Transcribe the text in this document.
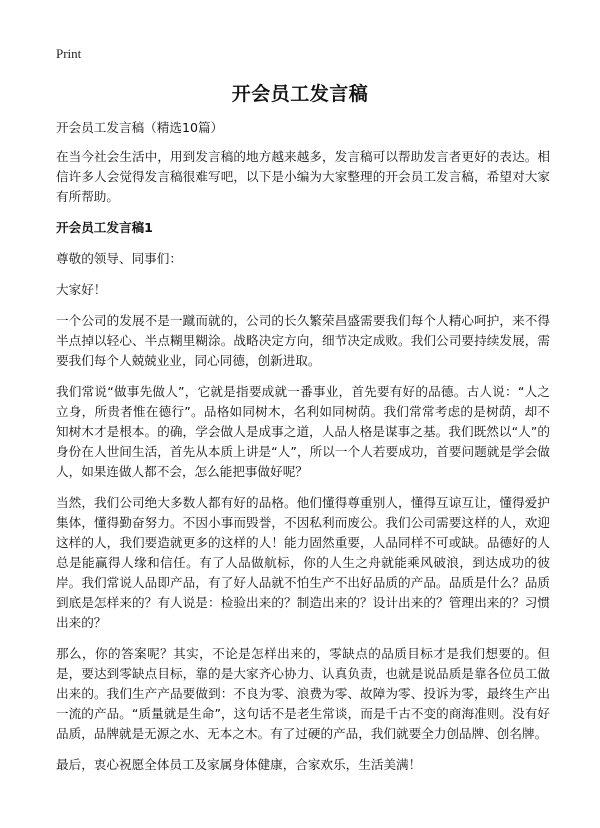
Print
开会员工发言稿

开会员工发言稿（精选10篇）

在当今社会生活中，用到发言稿的地方越来越多，发言稿可以帮助发言者更好的表达。相信许多人会觉得发言稿很难写吧，以下是小编为大家整理的开会员工发言稿，希望对大家有所帮助。

开会员工发言稿1

尊敬的领导、同事们：

大家好！

一个公司的发展不是一蹴而就的，公司的长久繁荣昌盛需要我们每个人精心呵护，来不得半点掉以轻心、半点糊里糊涂。战略决定方向，细节决定成败。我们公司要持续发展，需要我们每个人兢兢业业，同心同德，创新进取。

我们常说“做事先做人”，它就是指要成就一番事业，首先要有好的品德。古人说：“人之立身，所贵者惟在德行”。品格如同树木，名利如同树荫。我们常常考虑的是树荫，却不知树木才是根本。的确，学会做人是成事之道，人品人格是谋事之基。我们既然以“人”的身份在人世间生活，首先从本质上讲是“人”，所以一个人若要成功，首要问题就是学会做人，如果连做人都不会，怎么能把事做好呢？

当然，我们公司绝大多数人都有好的品格。他们懂得尊重别人，懂得互谅互让，懂得爱护集体，懂得勤奋努力。不因小事而毁誉，不因私利而废公。我们公司需要这样的人，欢迎这样的人，我们要造就更多的这样的人！能力固然重要，人品同样不可或缺。品德好的人总是能赢得人缘和信任。有了人品做航标，你的人生之舟就能乘风破浪，到达成功的彼岸。我们常说人品即产品，有了好人品就不怕生产不出好品质的产品。品质是什么？品质到底是怎样来的？有人说是：检验出来的？制造出来的？设计出来的？管理出来的？习惯出来的？

那么，你的答案呢？其实，不论是怎样出来的，零缺点的品质目标才是我们想要的。但是，要达到零缺点目标，靠的是大家齐心协力、认真负责，也就是说品质是靠各位员工做出来的。我们生产产品要做到：不良为零、浪费为零、故障为零、投诉为零，最终生产出一流的产品。“质量就是生命”，这句话不是老生常谈，而是千古不变的商海准则。没有好品质，品牌就是无源之水、无本之木。有了过硬的产品，我们就要全力创品牌、创名牌。

最后，衷心祝愿全体员工及家属身体健康，合家欢乐，生活美满！
